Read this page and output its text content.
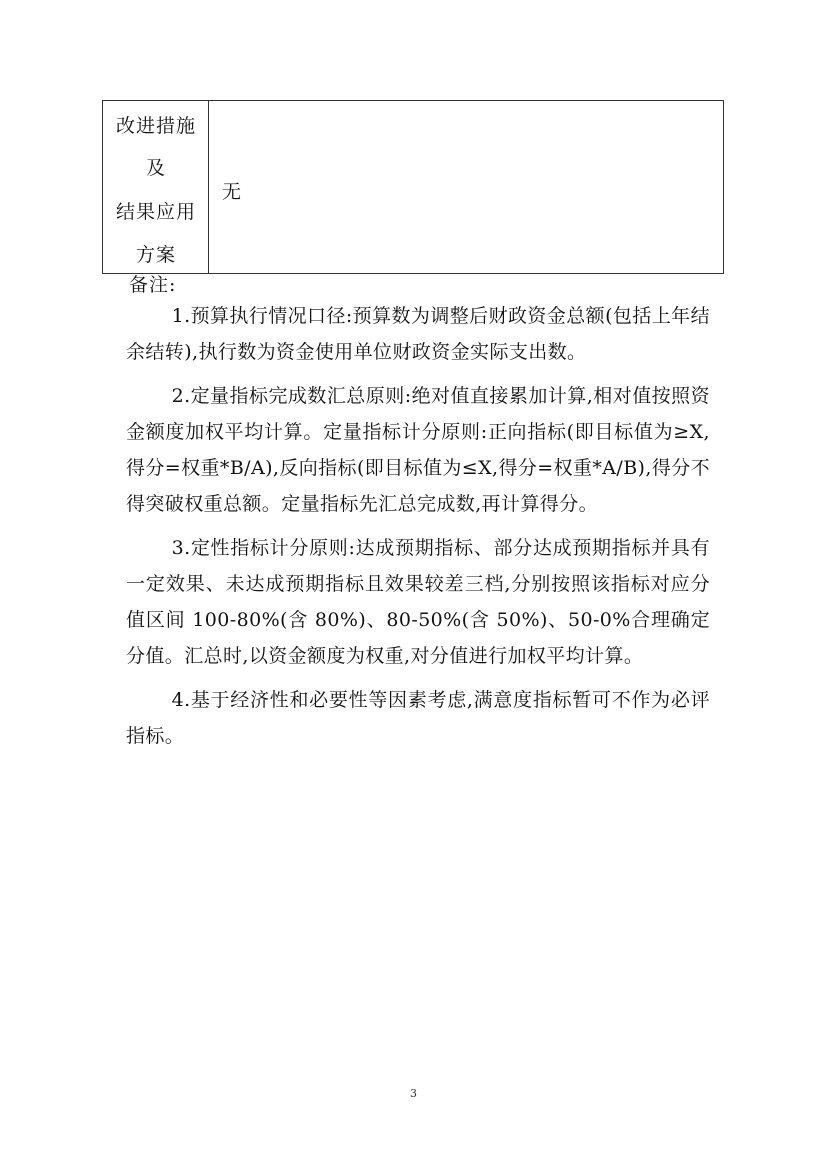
改进措施
及
结果应用
方案
无
备注:

1.预算执行情况口径:预算数为调整后财政资金总额(包括上年结余结转),执行数为资金使用单位财政资金实际支出数。

2.定量指标完成数汇总原则:绝对值直接累加计算,相对值按照资金额度加权平均计算。定量指标计分原则:正向指标(即目标值为≥X,得分=权重*B/A),反向指标(即目标值为≤X,得分=权重*A/B),得分不得突破权重总额。定量指标先汇总完成数,再计算得分。

3.定性指标计分原则:达成预期指标、部分达成预期指标并具有一定效果、未达成预期指标且效果较差三档,分别按照该指标对应分值区间 100-80%(含 80%)、80-50%(含 50%)、50-0%合理确定分值。汇总时,以资金额度为权重,对分值进行加权平均计算。

4.基于经济性和必要性等因素考虑,满意度指标暂可不作为必评指标。

3
